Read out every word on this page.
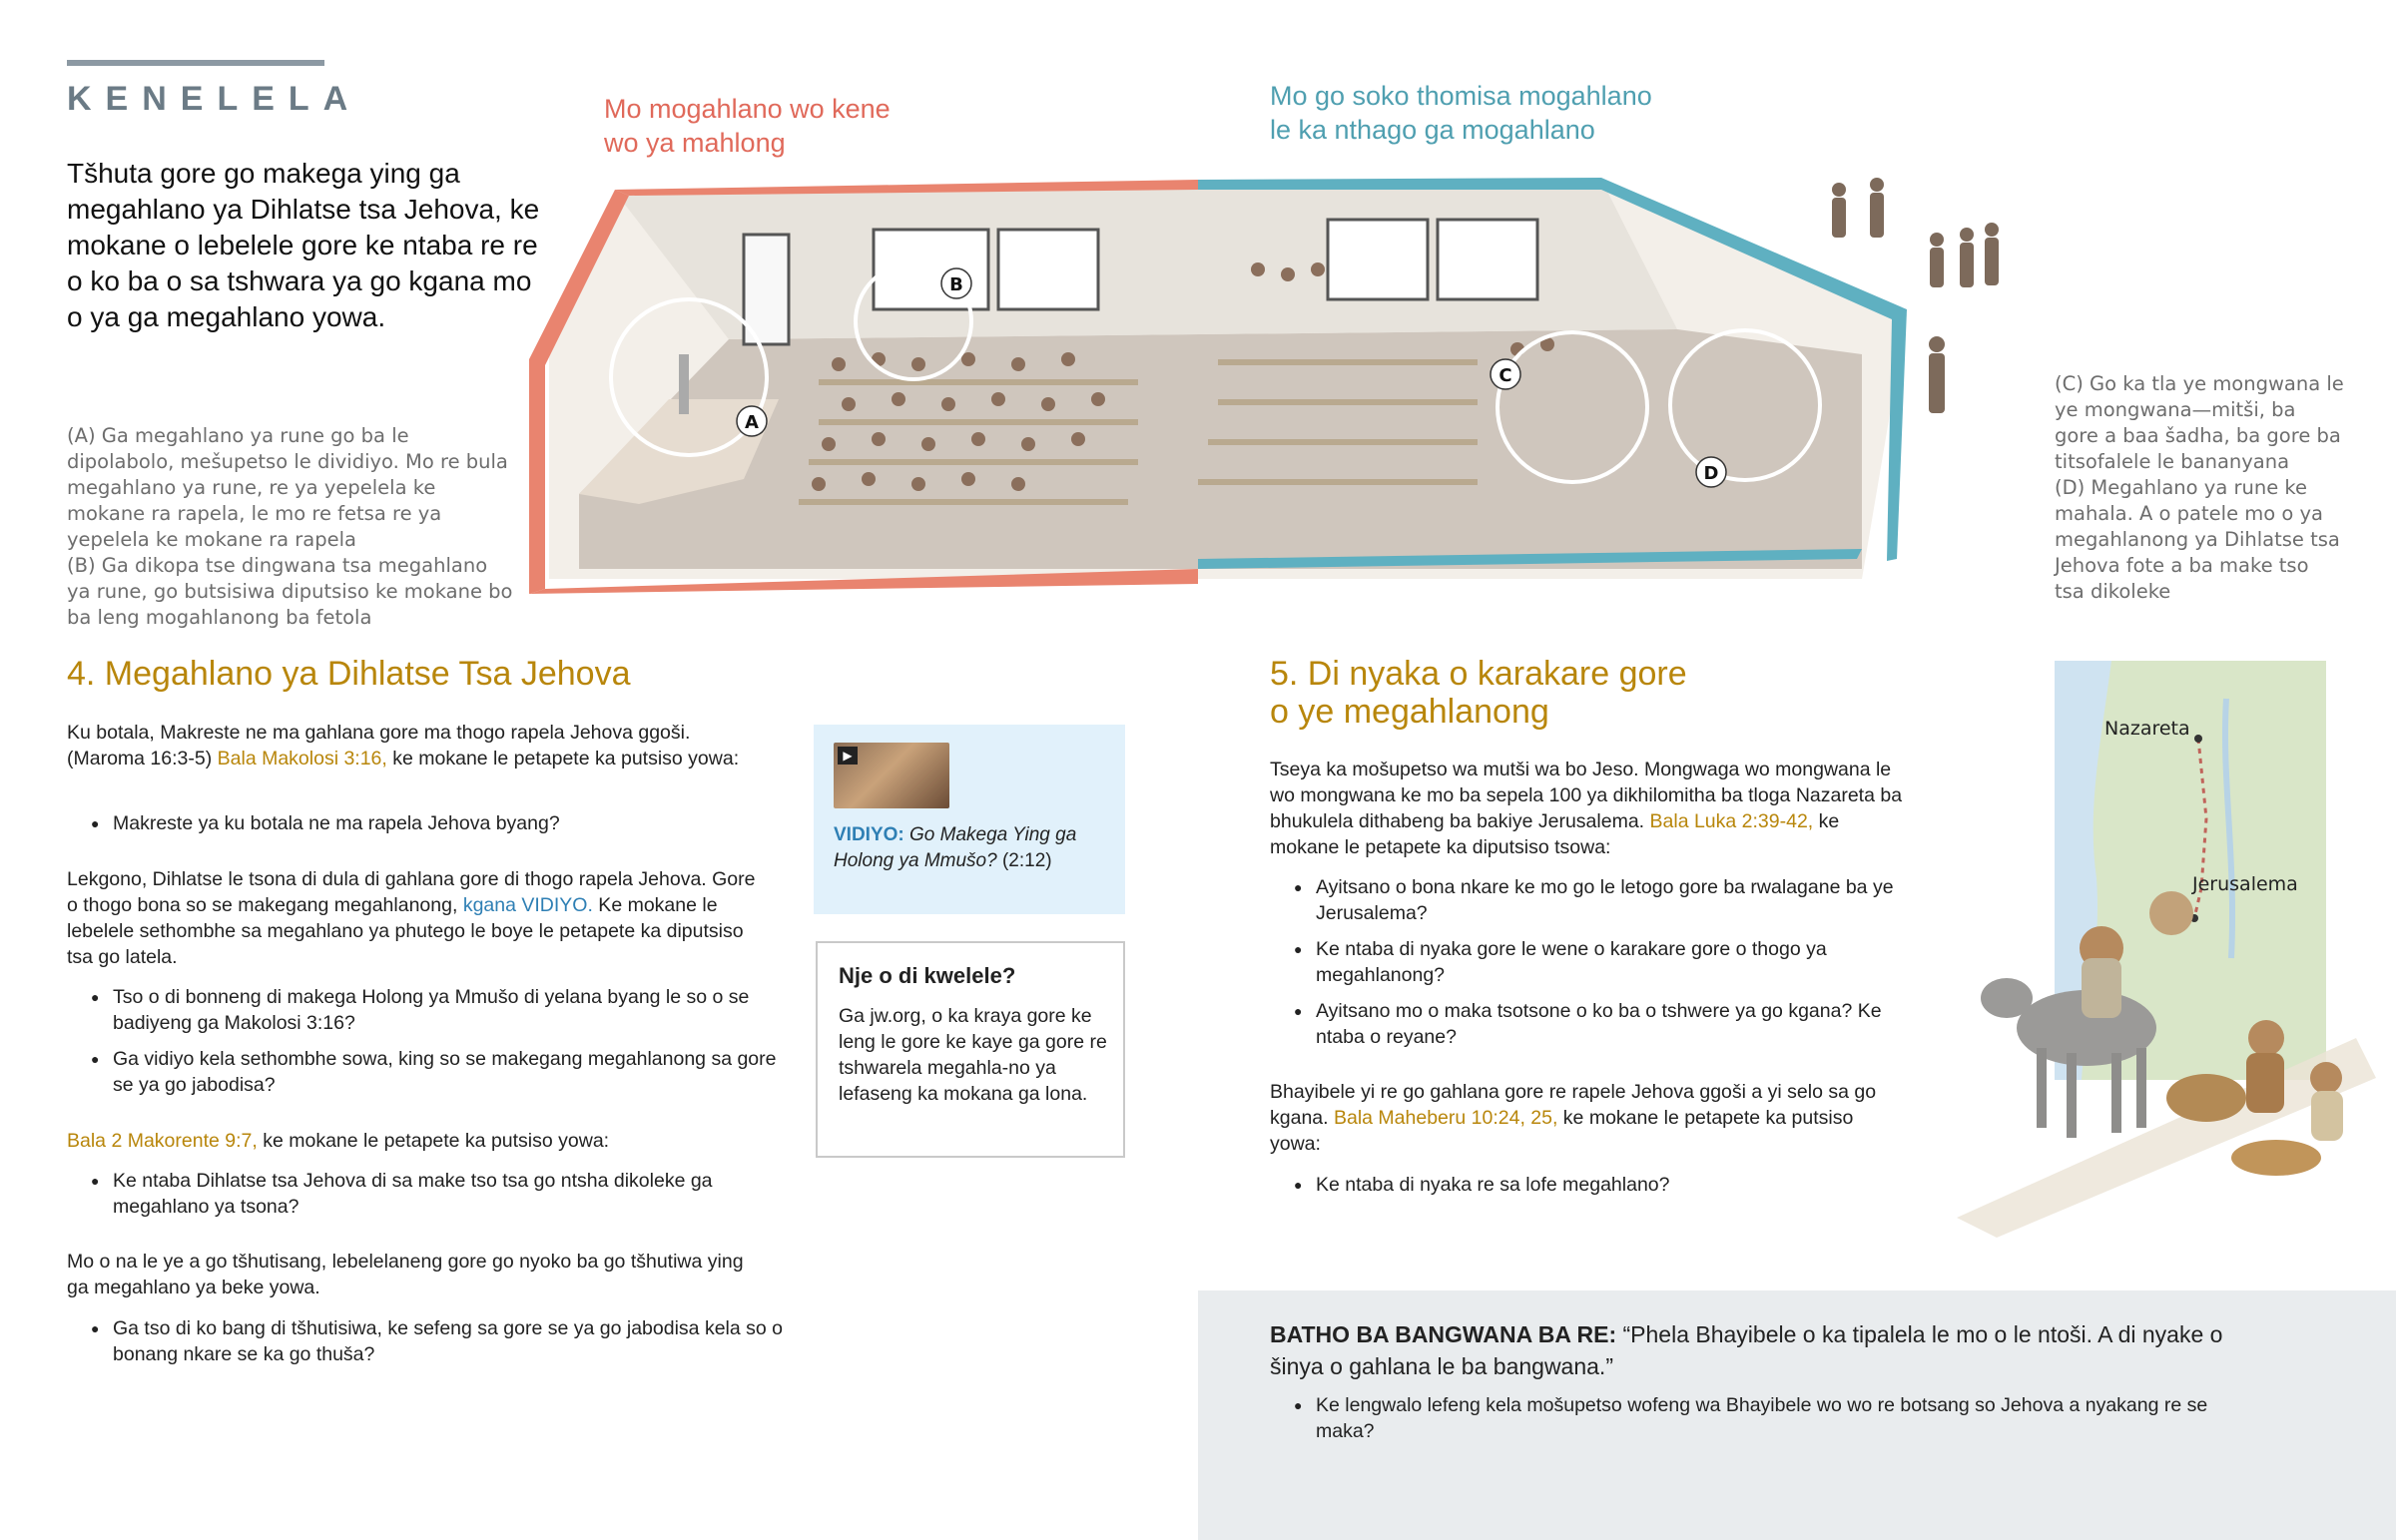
KENELELA
Tšhuta gore go makega ying ga megahlano ya Dihlatse tsa Jehova, ke mokane o lebelele gore ke ntaba re re o ko ba o sa tshwara ya go kgana mo o ya ga megahlano yowa.
Mo mogahlano wo kene
wo ya mahlong
Mo go soko thomisa mogahlano
le ka nthago ga mogahlano
A
B
C
D
(A) Ga megahlano ya rune go ba le dipolabolo, mešupetso le dividiyo. Mo re bula megahlano ya rune, re ya yepelela ke mokane ra rapela, le mo re fetsa re ya yepelela ke mokane ra rapela
(B) Ga dikopa tse dingwana tsa megahlano ya rune, go butsisiwa diputsiso ke mokane bo ba leng mogahlanong ba fetola
(C) Go ka tla ye mongwana le ye mongwana—mitši, ba gore a baa šadha, ba gore ba titsofalele le bananyana
(D) Megahlano ya rune ke mahala. A o patele mo o ya megahlanong ya Dihlatse tsa Jehova fote a ba make tso tsa dikoleke
4. Megahlano ya Dihlatse Tsa Jehova
Ku botala, Makreste ne ma gahlana gore ma thogo rapela Jehova ggoši. (Maroma 16:3-5) Bala Makolosi 3:16, ke mokane le petapete ka putsiso yowa:
● Makreste ya ku botala ne ma rapela Jehova byang?
Lekgono, Dihlatse le tsona di dula di gahlana gore di thogo rapela Jehova. Gore o thogo bona so se makegang megahlanong, kgana VIDIYO. Ke mokane le lebelele sethombhe sa megahlano ya phutego le boye le petapete ka diputsiso tsa go latela.
● Tso o di bonneng di makega Holong ya Mmušo di yelana byang le so o se badiyeng ga Makolosi 3:16?
● Ga vidiyo kela sethombhe sowa, king so se makegang megahlanong sa gore se ya go jabodisa?
Bala 2 Makorente 9:7, ke mokane le petapete ka putsiso yowa:
● Ke ntaba Dihlatse tsa Jehova di sa make tso tsa go ntsha dikoleke ga megahlano ya tsona?
Mo o na le ye a go tšhutisang, lebelelaneng gore go nyoko ba go tšhutiwa ying ga megahlano ya beke yowa.
● Ga tso di ko bang di tšhutisiwa, ke sefeng sa gore se ya go jabodisa kela so o bonang nkare se ka go thuša?
▶
VIDIYO: Go Makega Ying ga Holong ya Mmušo? (2:12)
Nje o di kwelele?
Ga jw.org, o ka kraya gore ke leng le gore ke kaye ga gore re tshwarela megahla-no ya lefaseng ka mokana ga lona.
5. Di nyaka o karakare gore
o ye megahlanong
Tseya ka mošupetso wa mutši wa bo Jeso. Mongwaga wo mongwana le wo mongwana ke mo ba sepela 100 ya dikhilomitha ba tloga Nazareta ba bhukulela dithabeng ba bakiye Jerusalema. Bala Luka 2:39-42, ke mokane le petapete ka diputsiso tsowa:
● Ayitsano o bona nkare ke mo go le letogo gore ba rwalagane ba ye Jerusalema?
● Ke ntaba di nyaka gore le wene o karakare gore o thogo ya megahlanong?
● Ayitsano mo o maka tsotsone o ko ba o tshwere ya go kgana? Ke ntaba o reyane?
Bhayibele yi re go gahlana gore re rapele Jehova ggoši a yi selo sa go kgana. Bala Maheberu 10:24, 25, ke mokane le petapete ka putsiso yowa:
● Ke ntaba di nyaka re sa lofe megahlano?
Nazareta
Jerusalema
BATHO BA BANGWANA BA RE: “Phela Bhayibele o ka tipalela le mo o le ntoši. A di nyake o šinya o gahlana le ba bangwana.”
● Ke lengwalo lefeng kela mošupetso wofeng wa Bhayibele wo wo re botsang so Jehova a nyakang re se maka?
